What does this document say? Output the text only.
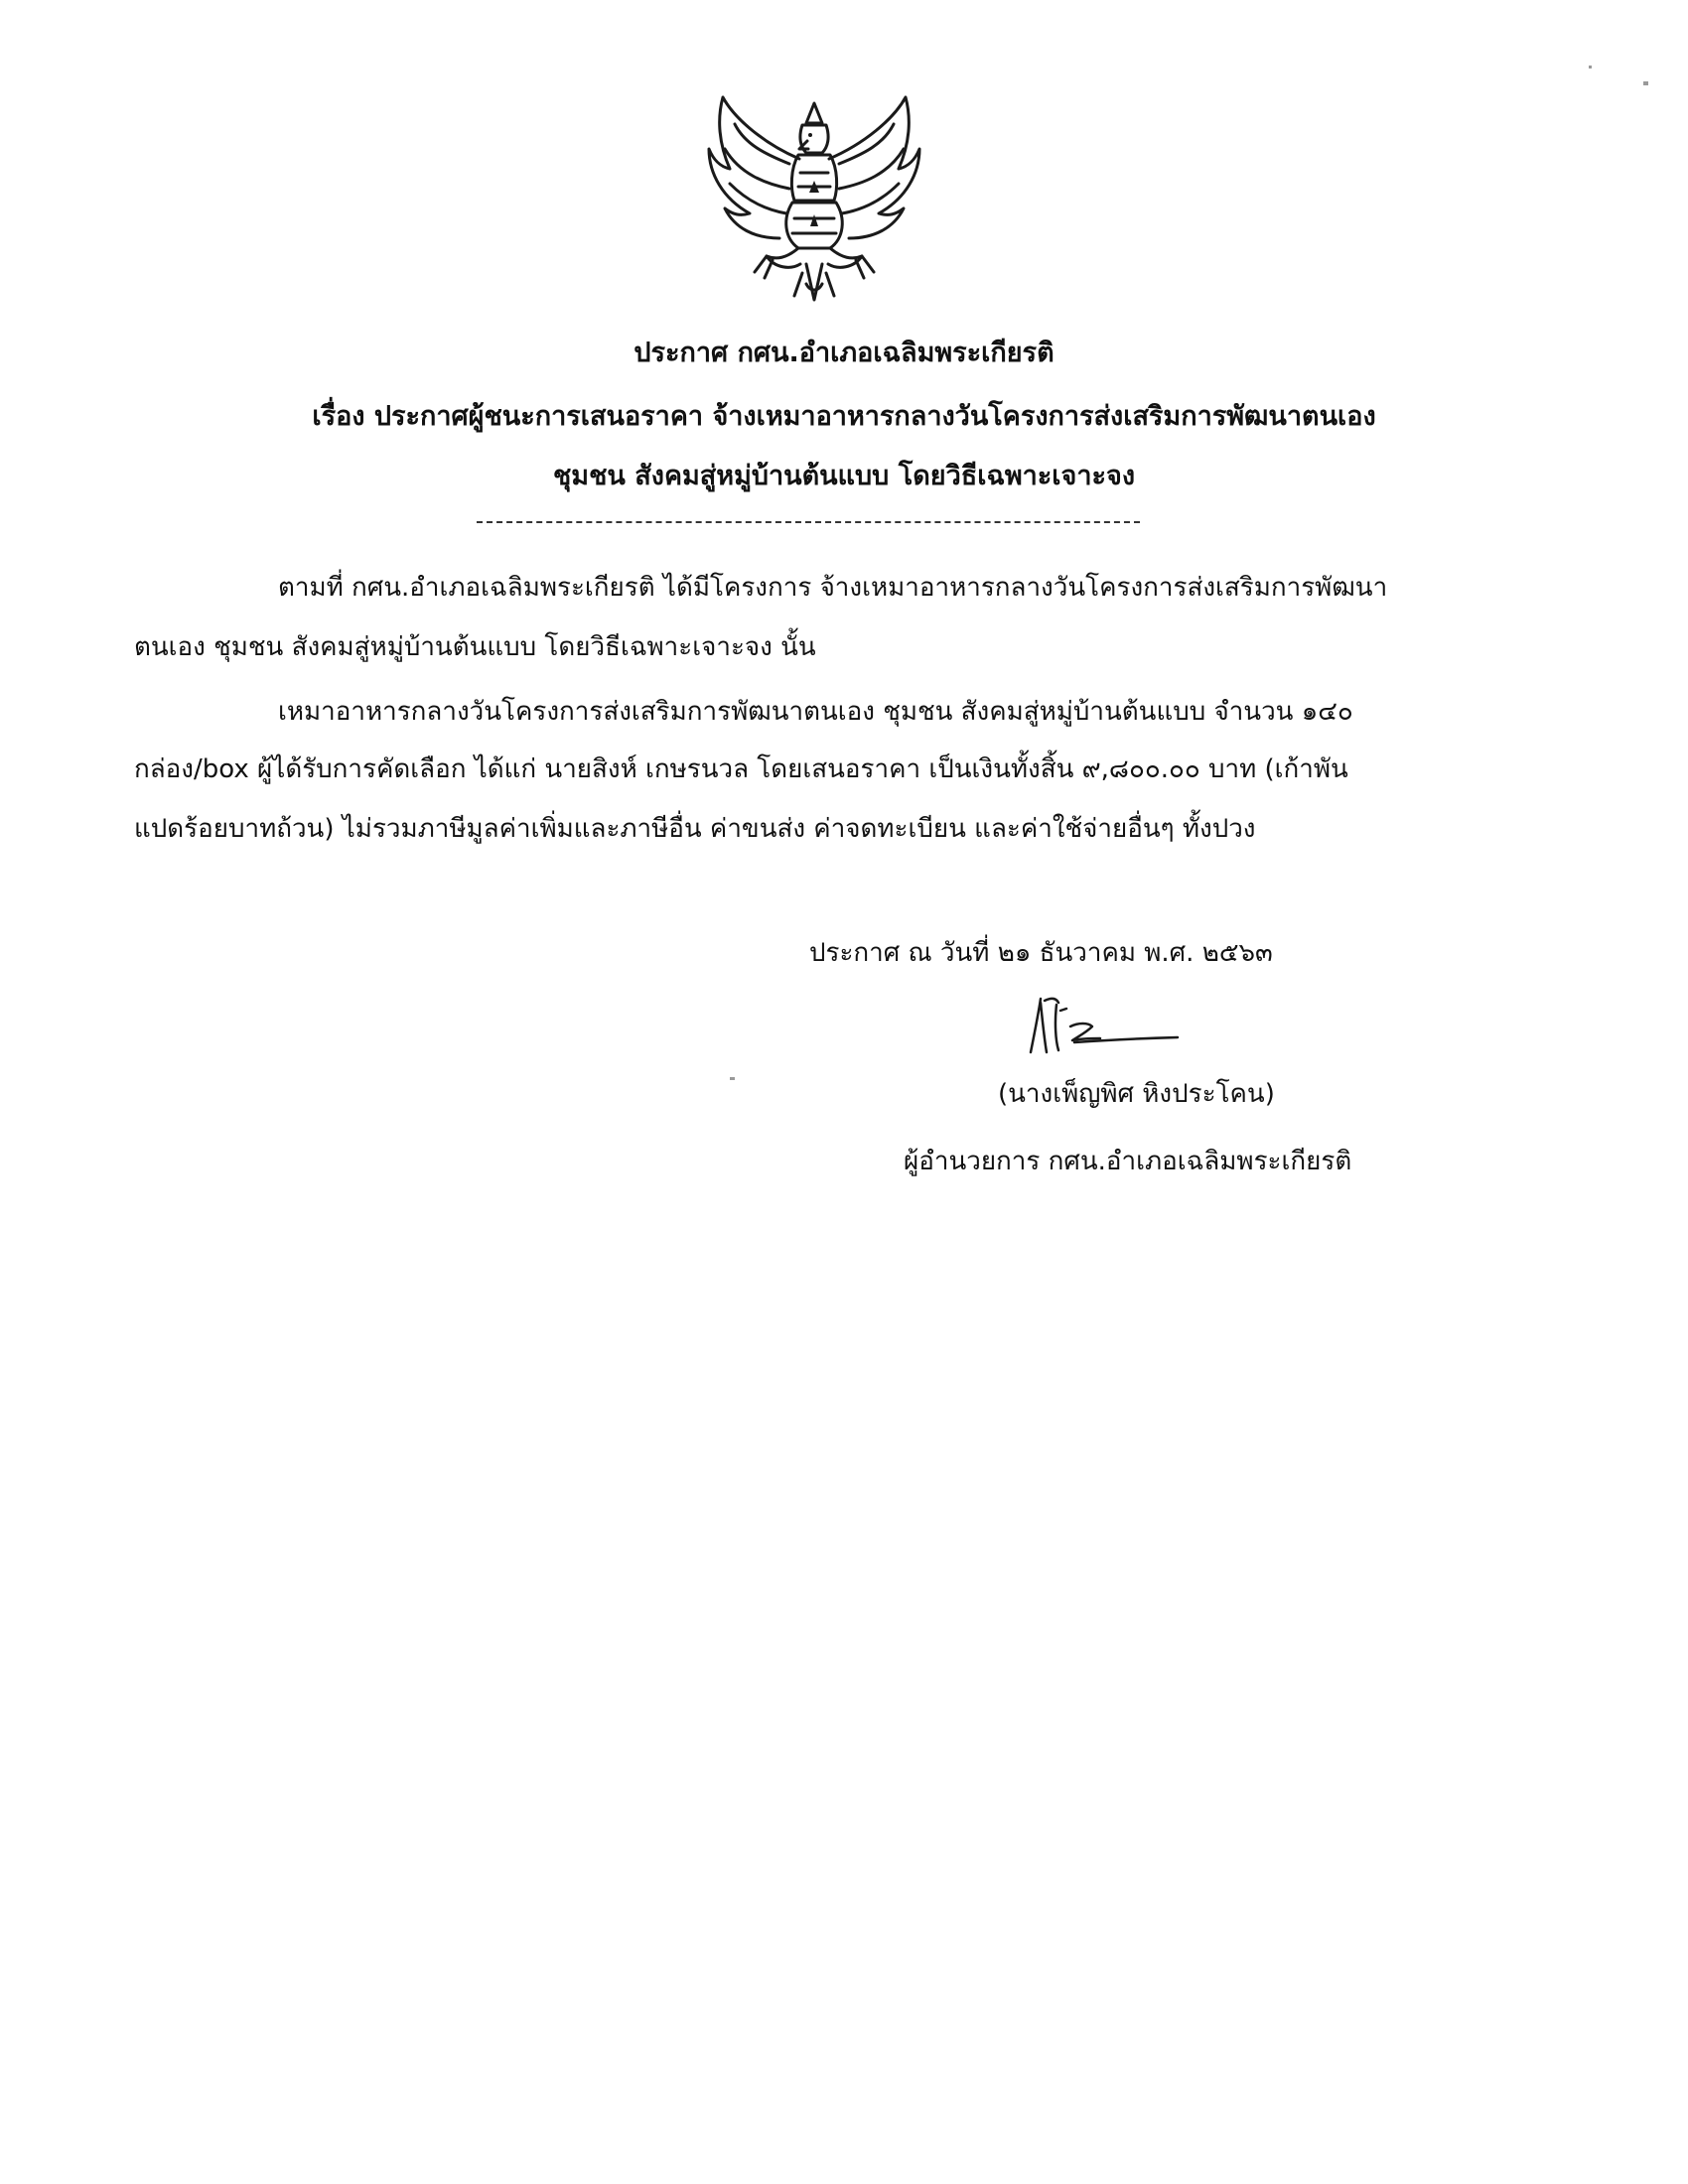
ประกาศ กศน.อำเภอเฉลิมพระเกียรติ
เรื่อง ประกาศผู้ชนะการเสนอราคา จ้างเหมาอาหารกลางวันโครงการส่งเสริมการพัฒนาตนเอง
ชุมชน สังคมสู่หมู่บ้านต้นแบบ โดยวิธีเฉพาะเจาะจง
ตามที่ กศน.อำเภอเฉลิมพระเกียรติ ได้มีโครงการ จ้างเหมาอาหารกลางวันโครงการส่งเสริมการพัฒนา
ตนเอง ชุมชน สังคมสู่หมู่บ้านต้นแบบ โดยวิธีเฉพาะเจาะจง นั้น
เหมาอาหารกลางวันโครงการส่งเสริมการพัฒนาตนเอง ชุมชน สังคมสู่หมู่บ้านต้นแบบ จำนวน ๑๔๐
กล่อง/box ผู้ได้รับการคัดเลือก ได้แก่ นายสิงห์ เกษรนวล โดยเสนอราคา เป็นเงินทั้งสิ้น ๙,๘๐๐.๐๐ บาท (เก้าพัน
แปดร้อยบาทถ้วน) ไม่รวมภาษีมูลค่าเพิ่มและภาษีอื่น ค่าขนส่ง ค่าจดทะเบียน และค่าใช้จ่ายอื่นๆ ทั้งปวง
ประกาศ ณ วันที่ ๒๑ ธันวาคม พ.ศ. ๒๕๖๓
(นางเพ็ญพิศ หิงประโคน)
ผู้อำนวยการ กศน.อำเภอเฉลิมพระเกียรติ
